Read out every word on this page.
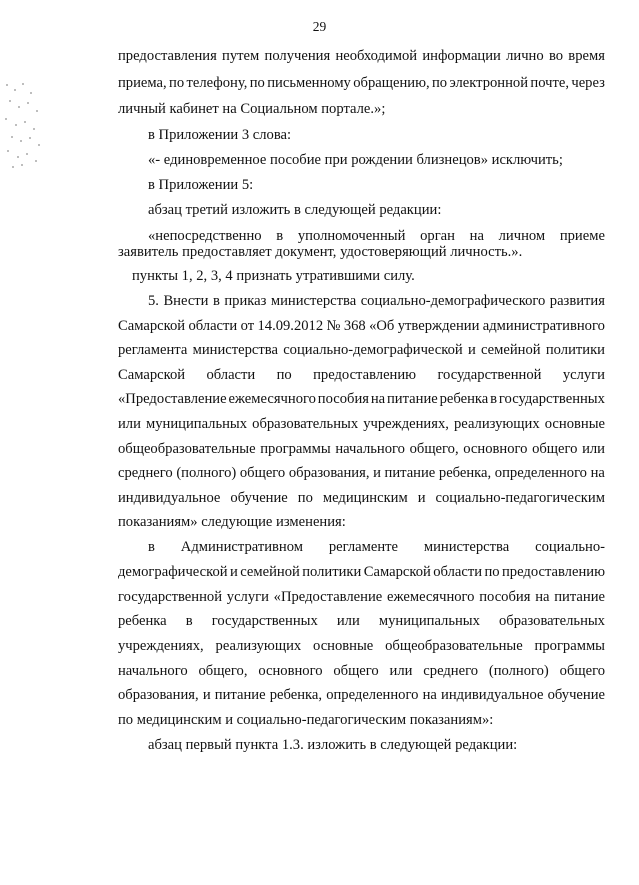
29
предоставления путем получения необходимой информации лично во время
приема, по телефону, по письменному обращению, по электронной почте, через
личный кабинет на Социальном портале.»;
в Приложении 3 слова:
«- единовременное пособие при рождении близнецов» исключить;
в Приложении 5:
абзац третий изложить в следующей редакции:
«непосредственно в уполномоченный орган на личном приеме
заявитель предоставляет документ, удостоверяющий личность.».
пункты 1, 2, 3, 4 признать утратившими силу.
5. Внести в приказ министерства социально-демографического развития
Самарской области от 14.09.2012 № 368 «Об утверждении административного
регламента министерства социально-демографической и семейной политики
Самарской области по предоставлению государственной услуги
«Предоставление ежемесячного пособия на питание ребенка в государственных
или муниципальных образовательных учреждениях, реализующих основные
общеобразовательные программы начального общего, основного общего или
среднего (полного) общего образования, и питание ребенка, определенного на
индивидуальное обучение по медицинским и социально-педагогическим
показаниям» следующие изменения:
в Административном регламенте министерства социально-
демографической и семейной политики Самарской области по предоставлению
государственной услуги «Предоставление ежемесячного пособия на питание
ребенка в государственных или муниципальных образовательных
учреждениях, реализующих основные общеобразовательные программы
начального общего, основного общего или среднего (полного) общего
образования, и питание ребенка, определенного на индивидуальное обучение
по медицинским и социально-педагогическим показаниям»:
абзац первый пункта 1.3. изложить в следующей редакции:
